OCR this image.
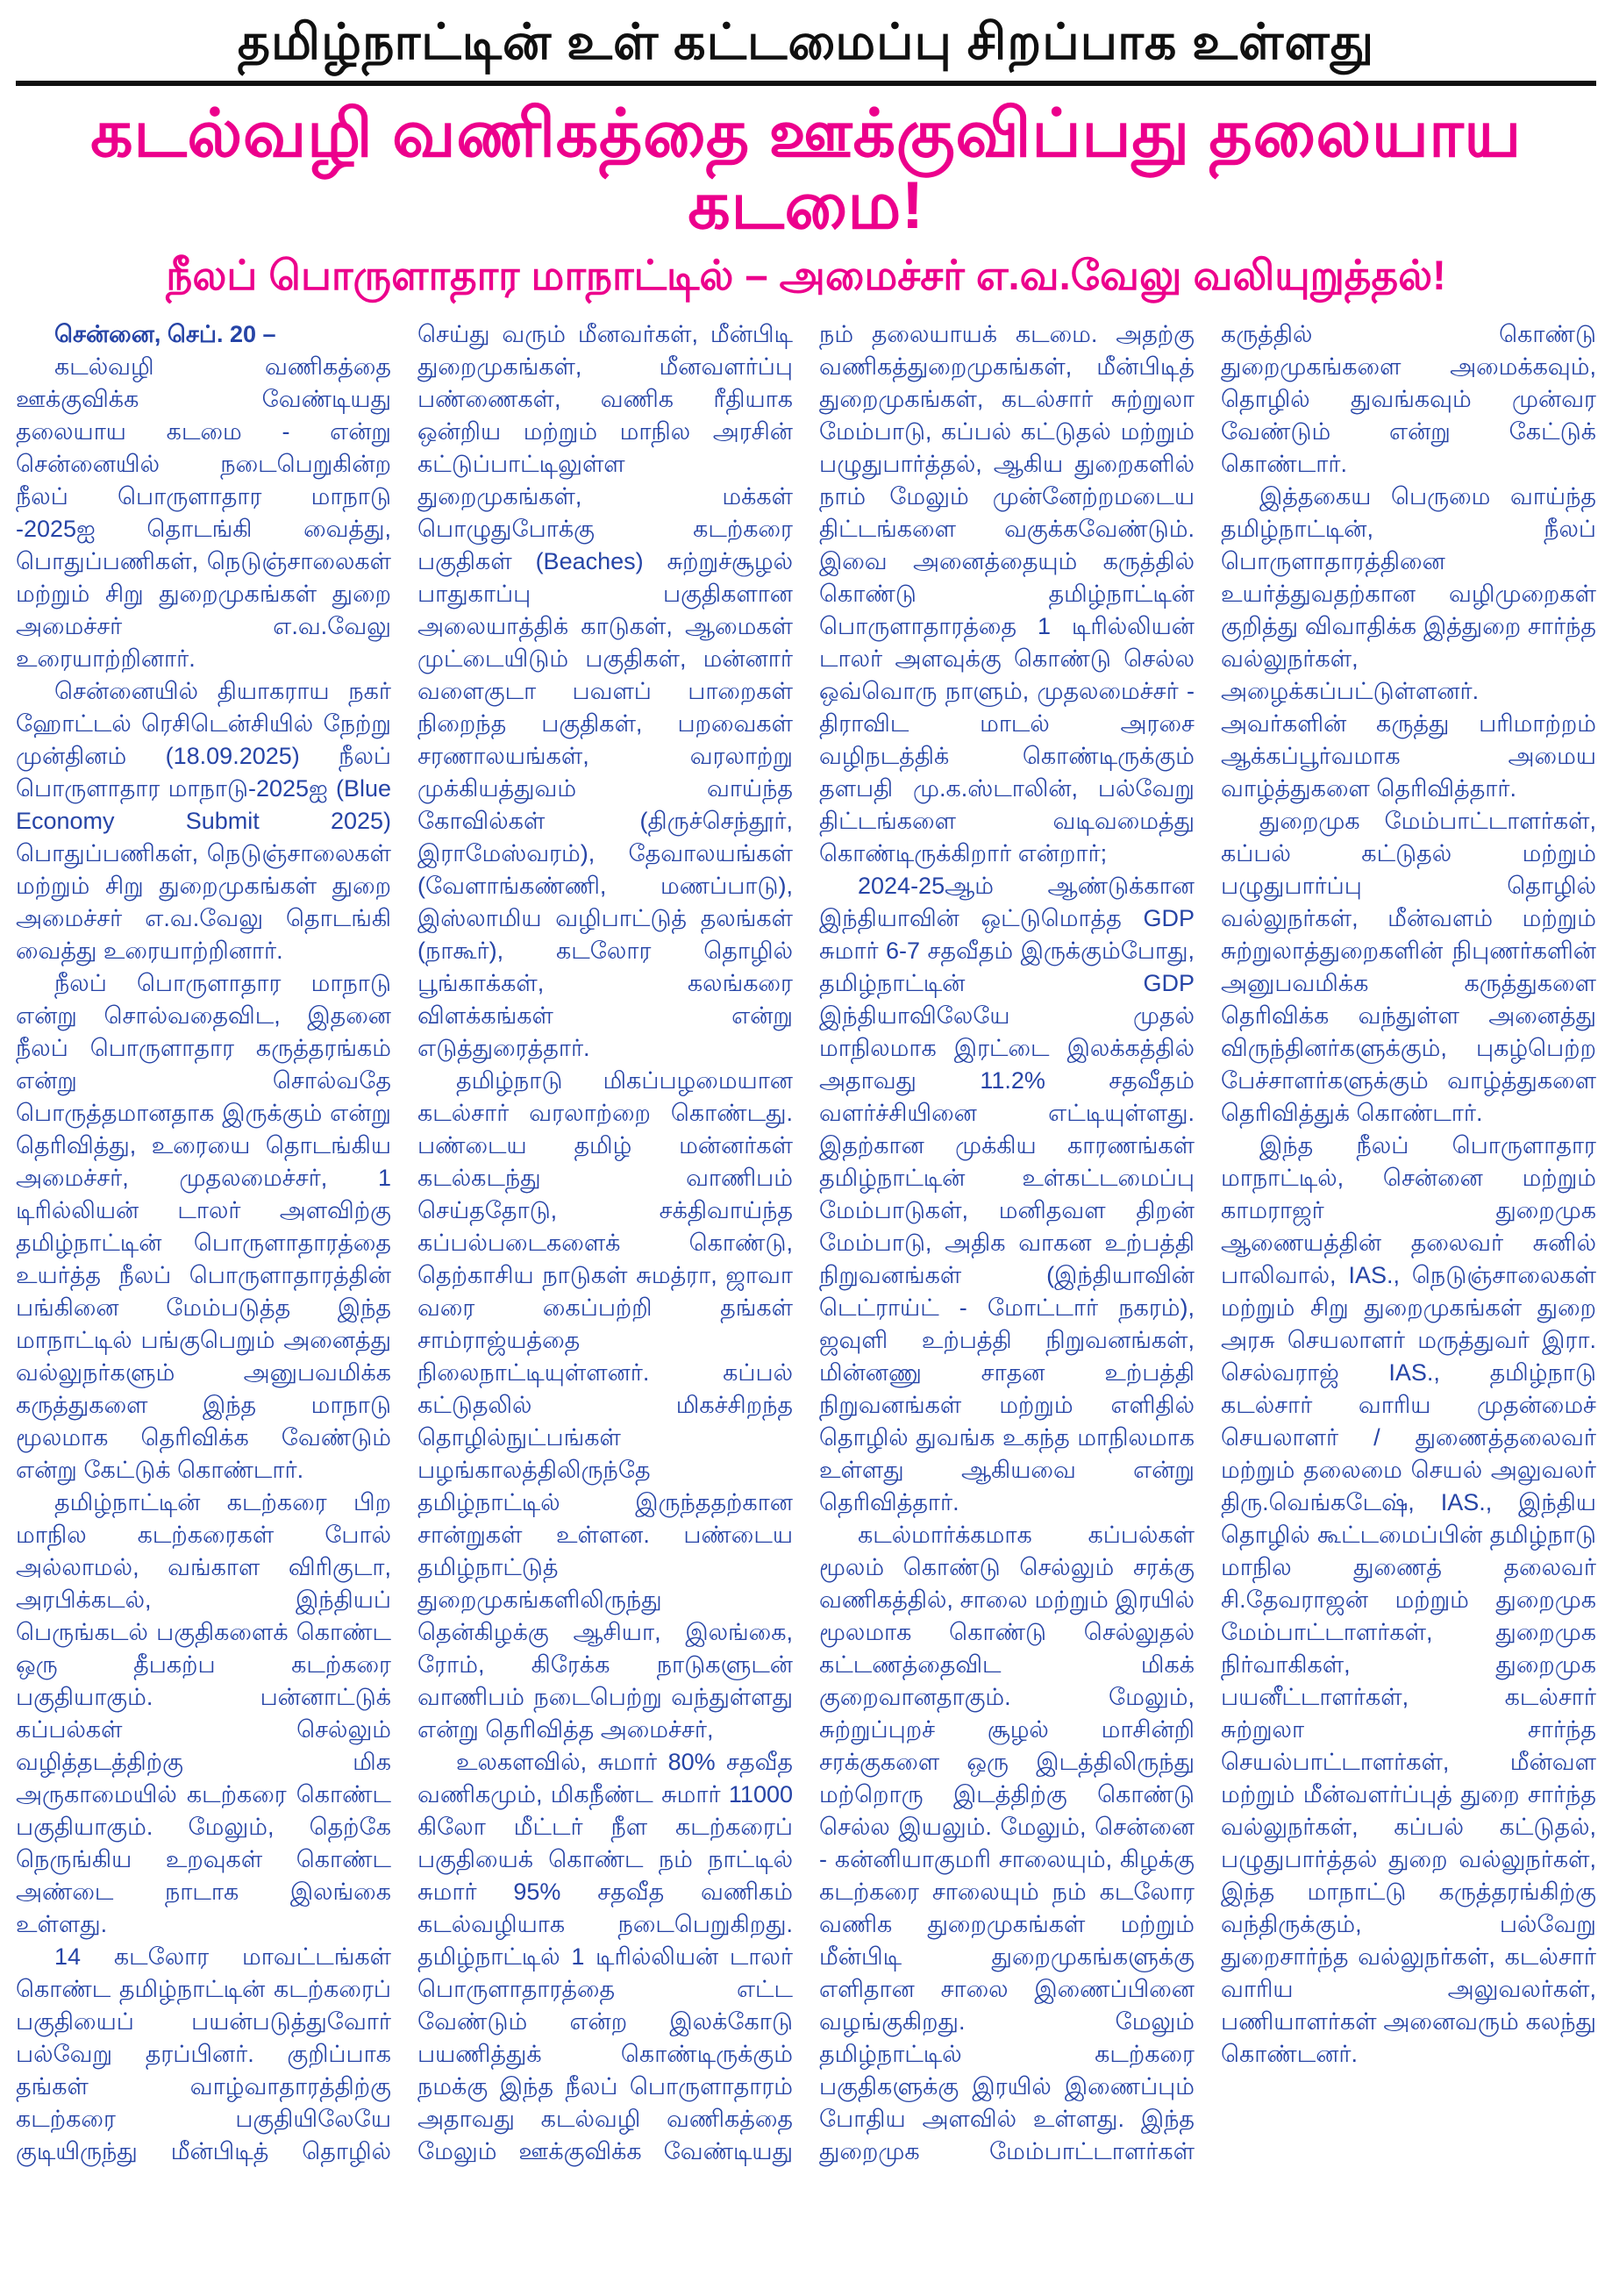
தமிழ்நாட்டின் உள் கட்டமைப்பு சிறப்பாக உள்ளது
கடல்வழி வணிகத்தை ஊக்குவிப்பது தலையாய கடமை!
நீலப் பொருளாதார மாநாட்டில் – அமைச்சர் எ.வ.வேலு வலியுறுத்தல்!

சென்னை, செப். 20 –

கடல்வழி வணிகத்தை ஊக்குவிக்க வேண்டியது தலையாய கடமை - என்று சென்னையில் நடைபெறுகின்ற நீலப் பொருளாதார மாநாடு -2025ஐ தொடங்கி வைத்து, பொதுப்பணிகள், நெடுஞ்சாலைகள் மற்றும் சிறு துறைமுகங்கள் துறை அமைச்சர் எ.வ.வேலு உரையாற்றினார்.

சென்னையில் தியாகராய நகர் ஹோட்டல் ரெசிடென்சியில் நேற்று முன்தினம் (18.09.2025) நீலப் பொருளாதார மாநாடு-2025ஐ (Blue Economy Submit 2025) பொதுப்பணிகள், நெடுஞ்சாலைகள் மற்றும் சிறு துறைமுகங்கள் துறை அமைச்சர் எ.வ.வேலு தொடங்கி வைத்து உரையாற்றினார்.

நீலப் பொருளாதார மாநாடு என்று சொல்வதைவிட, இதனை நீலப் பொருளாதார கருத்தரங்கம் என்று சொல்வதே பொருத்தமானதாக இருக்கும் என்று தெரிவித்து, உரையை தொடங்கிய அமைச்சர், முதலமைச்சர், 1 டிரில்லியன் டாலர் அளவிற்கு தமிழ்நாட்டின் பொருளாதாரத்தை உயர்த்த நீலப் பொருளாதாரத்தின் பங்கினை மேம்படுத்த இந்த மாநாட்டில் பங்குபெறும் அனைத்து வல்லுநர்களும் அனுபவமிக்க கருத்துகளை இந்த மாநாடு மூலமாக தெரிவிக்க வேண்டும் என்று கேட்டுக் கொண்டார்.

தமிழ்நாட்டின் கடற்கரை பிற மாநில கடற்கரைகள் போல் அல்லாமல், வங்காள விரிகுடா, அரபிக்கடல், இந்தியப் பெருங்கடல் பகுதிகளைக் கொண்ட ஒரு தீபகற்ப கடற்கரை பகுதியாகும். பன்னாட்டுக் கப்பல்கள் செல்லும் வழித்தடத்திற்கு மிக அருகாமையில் கடற்கரை கொண்ட பகுதியாகும். மேலும், தெற்கே நெருங்கிய உறவுகள் கொண்ட அண்டை நாடாக இலங்கை உள்ளது.

14 கடலோர மாவட்டங்கள் கொண்ட தமிழ்நாட்டின் கடற்கரைப் பகுதியைப் பயன்படுத்துவோர் பல்வேறு தரப்பினர். குறிப்பாக தங்கள் வாழ்வாதாரத்திற்கு கடற்கரை பகுதியிலேயே குடியிருந்து மீன்பிடித் தொழில் செய்து வரும் மீனவர்கள், மீன்பிடி துறைமுகங்கள், மீனவளர்ப்பு பண்ணைகள், வணிக ரீதியாக ஒன்றிய மற்றும் மாநில அரசின் கட்டுப்பாட்டிலுள்ள துறைமுகங்கள், மக்கள் பொழுதுபோக்கு கடற்கரை பகுதிகள் (Beaches) சுற்றுச்சூழல் பாதுகாப்பு பகுதிகளான அலையாத்திக் காடுகள், ஆமைகள் முட்டையிடும் பகுதிகள், மன்னார் வளைகுடா பவளப் பாறைகள் நிறைந்த பகுதிகள், பறவைகள் சரணாலயங்கள், வரலாற்று முக்கியத்துவம் வாய்ந்த கோவில்கள் (திருச்செந்தூர், இராமேஸ்வரம்), தேவாலயங்கள் (வேளாங்கண்ணி, மணப்பாடு), இஸ்லாமிய வழிபாட்டுத் தலங்கள் (நாகூர்), கடலோர தொழில் பூங்காக்கள், கலங்கரை விளக்கங்கள் என்று எடுத்துரைத்தார்.

தமிழ்நாடு மிகப்பழமையான கடல்சார் வரலாற்றை கொண்டது. பண்டைய தமிழ் மன்னர்கள் கடல்கடந்து வாணிபம் செய்ததோடு, சக்திவாய்ந்த கப்பல்படைகளைக் கொண்டு, தெற்காசிய நாடுகள் சுமத்ரா, ஜாவா வரை கைப்பற்றி தங்கள் சாம்ராஜ்யத்தை நிலைநாட்டியுள்ளனர். கப்பல் கட்டுதலில் மிகச்சிறந்த தொழில்நுட்பங்கள் பழங்காலத்திலிருந்தே தமிழ்நாட்டில் இருந்ததற்கான சான்றுகள் உள்ளன. பண்டைய தமிழ்நாட்டுத் துறைமுகங்களிலிருந்து தென்கிழக்கு ஆசியா, இலங்கை, ரோம், கிரேக்க நாடுகளுடன் வாணிபம் நடைபெற்று வந்துள்ளது என்று தெரிவித்த அமைச்சர்,

உலகளவில், சுமார் 80% சதவீத வணிகமும், மிகநீண்ட சுமார் 11000 கிலோ மீட்டர் நீள கடற்கரைப் பகுதியைக் கொண்ட நம் நாட்டில் சுமார் 95% சதவீத வணிகம் கடல்வழியாக நடைபெறுகிறது. தமிழ்நாட்டில் 1 டிரில்லியன் டாலர் பொருளாதாரத்தை எட்ட வேண்டும் என்ற இலக்கோடு பயணித்துக் கொண்டிருக்கும் நமக்கு இந்த நீலப் பொருளாதாரம் அதாவது கடல்வழி வணிகத்தை மேலும் ஊக்குவிக்க வேண்டியது நம் தலையாயக் கடமை. அதற்கு வணிகத்துறைமுகங்கள், மீன்பிடித் துறைமுகங்கள், கடல்சார் சுற்றுலா மேம்பாடு, கப்பல் கட்டுதல் மற்றும் பழுதுபார்த்தல், ஆகிய துறைகளில் நாம் மேலும் முன்னேற்றமடைய திட்டங்களை வகுக்கவேண்டும். இவை அனைத்தையும் கருத்தில் கொண்டு தமிழ்நாட்டின் பொருளாதாரத்தை 1 டிரில்லியன் டாலர் அளவுக்கு கொண்டு செல்ல ஒவ்வொரு நாளும், முதலமைச்சர் - திராவிட மாடல் அரசை வழிநடத்திக் கொண்டிருக்கும் தளபதி மு.க.ஸ்டாலின், பல்வேறு திட்டங்களை வடிவமைத்து கொண்டிருக்கிறார் என்றார்;

2024-25ஆம் ஆண்டுக்கான இந்தியாவின் ஒட்டுமொத்த GDP சுமார் 6-7 சதவீதம் இருக்கும்போது, தமிழ்நாட்டின் GDP இந்தியாவிலேயே முதல் மாநிலமாக இரட்டை இலக்கத்தில் அதாவது 11.2% சதவீதம் வளர்ச்சியினை எட்டியுள்ளது. இதற்கான முக்கிய காரணங்கள் தமிழ்நாட்டின் உள்கட்டமைப்பு மேம்பாடுகள், மனிதவள திறன் மேம்பாடு, அதிக வாகன உற்பத்தி நிறுவனங்கள் (இந்தியாவின் டெட்ராய்ட் - மோட்டார் நகரம்), ஜவுளி உற்பத்தி நிறுவனங்கள், மின்னணு சாதன உற்பத்தி நிறுவனங்கள் மற்றும் எளிதில் தொழில் துவங்க உகந்த மாநிலமாக உள்ளது ஆகியவை என்று தெரிவித்தார்.

கடல்மார்க்கமாக கப்பல்கள் மூலம் கொண்டு செல்லும் சரக்கு வணிகத்தில், சாலை மற்றும் இரயில் மூலமாக கொண்டு செல்லுதல் கட்டணத்தைவிட மிகக் குறைவானதாகும். மேலும், சுற்றுப்புறச் சூழல் மாசின்றி சரக்குகளை ஒரு இடத்திலிருந்து மற்றொரு இடத்திற்கு கொண்டு செல்ல இயலும். மேலும், சென்னை - கன்னியாகுமரி சாலையும், கிழக்கு கடற்கரை சாலையும் நம் கடலோர வணிக துறைமுகங்கள் மற்றும் மீன்பிடி துறைமுகங்களுக்கு எளிதான சாலை இணைப்பினை வழங்குகிறது. மேலும் தமிழ்நாட்டில் கடற்கரை பகுதிகளுக்கு இரயில் இணைப்பும் போதிய அளவில் உள்ளது. இந்த துறைமுக மேம்பாட்டாளர்கள் கருத்தில் கொண்டு துறைமுகங்களை அமைக்கவும், தொழில் துவங்கவும் முன்வர வேண்டும் என்று கேட்டுக் கொண்டார்.

இத்தகைய பெருமை வாய்ந்த தமிழ்நாட்டின், நீலப் பொருளாதாரத்தினை உயர்த்துவதற்கான வழிமுறைகள் குறித்து விவாதிக்க இத்துறை சார்ந்த வல்லுநர்கள், அழைக்கப்பட்டுள்ளனர். அவர்களின் கருத்து பரிமாற்றம் ஆக்கப்பூர்வமாக அமைய வாழ்த்துகளை தெரிவித்தார்.

துறைமுக மேம்பாட்டாளர்கள், கப்பல் கட்டுதல் மற்றும் பழுதுபார்ப்பு தொழில் வல்லுநர்கள், மீன்வளம் மற்றும் சுற்றுலாத்துறைகளின் நிபுணர்களின் அனுபவமிக்க கருத்துகளை தெரிவிக்க வந்துள்ள அனைத்து விருந்தினர்களுக்கும், புகழ்பெற்ற பேச்சாளர்களுக்கும் வாழ்த்துகளை தெரிவித்துக் கொண்டார்.

இந்த நீலப் பொருளாதார மாநாட்டில், சென்னை மற்றும் காமராஜர் துறைமுக ஆணையத்தின் தலைவர் சுனில் பாலிவால், IAS., நெடுஞ்சாலைகள் மற்றும் சிறு துறைமுகங்கள் துறை அரசு செயலாளர் மருத்துவர் இரா. செல்வராஜ் IAS., தமிழ்நாடு கடல்சார் வாரிய முதன்மைச் செயலாளர் / துணைத்தலைவர் மற்றும் தலைமை செயல் அலுவலர் திரு.வெங்கடேஷ், IAS., இந்திய தொழில் கூட்டமைப்பின் தமிழ்நாடு மாநில துணைத் தலைவர் சி.தேவராஜன் மற்றும் துறைமுக மேம்பாட்டாளர்கள், துறைமுக நிர்வாகிகள், துறைமுக பயனீட்டாளர்கள், கடல்சார் சுற்றுலா சார்ந்த செயல்பாட்டாளர்கள், மீன்வள மற்றும் மீன்வளர்ப்புத் துறை சார்ந்த வல்லுநர்கள், கப்பல் கட்டுதல், பழுதுபார்த்தல் துறை வல்லுநர்கள், இந்த மாநாட்டு கருத்தரங்கிற்கு வந்திருக்கும், பல்வேறு துறைசார்ந்த வல்லுநர்கள், கடல்சார் வாரிய அலுவலர்கள், பணியாளர்கள் அனைவரும் கலந்து கொண்டனர்.
